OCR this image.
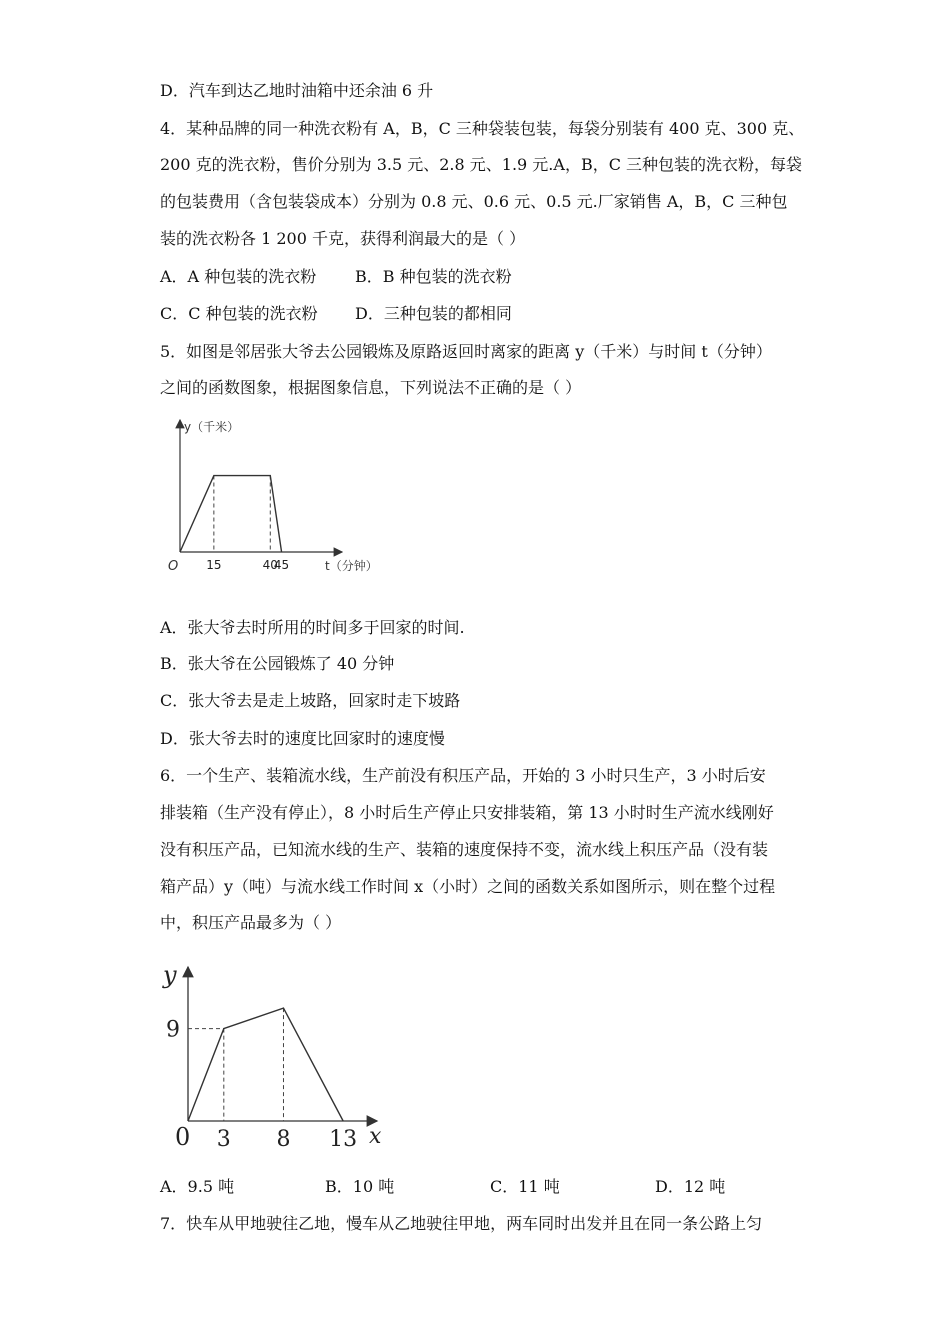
D．汽车到达乙地时油箱中还余油 6 升
4．某种品牌的同一种洗衣粉有 A，B，C 三种袋装包装，每袋分别装有 400 克、300 克、
200 克的洗衣粉，售价分别为 3.5 元、2.8 元、1.9 元.A，B，C 三种包装的洗衣粉，每袋
的包装费用（含包装袋成本）分别为 0.8 元、0.6 元、0.5 元.厂家销售 A，B，C 三种包
装的洗衣粉各 1 200 千克，获得利润最大的是（ ）
A．A 种包装的洗衣粉 B．B 种包装的洗衣粉
C．C 种包装的洗衣粉 D．三种包装的都相同
5．如图是邻居张大爷去公园锻炼及原路返回时离家的距离 y（千米）与时间 t（分钟）
之间的函数图象，根据图象信息，下列说法不正确的是（ ）
y（千米）
t（分钟）
O 15	40
45
A．张大爷去时所用的时间多于回家的时间.
B．张大爷在公园锻炼了 40 分钟
C．张大爷去是走上坡路，回家时走下坡路
D．张大爷去时的速度比回家时的速度慢
6．一个生产、装箱流水线，生产前没有积压产品，开始的 3 小时只生产，3 小时后安
排装箱（生产没有停止），8 小时后生产停止只安排装箱，第 13 小时时生产流水线刚好
没有积压产品，已知流水线的生产、装箱的速度保持不变，流水线上积压产品（没有装
箱产品）y（吨）与流水线工作时间 x（小时）之间的函数关系如图所示，则在整个过程
中，积压产品最多为（ ）
y
x
0
9
3 8 13
A．9.5 吨	B．10 吨	C．11 吨	D．12 吨
7．快车从甲地驶往乙地，慢车从乙地驶往甲地，两车同时出发并且在同一条公路上匀
